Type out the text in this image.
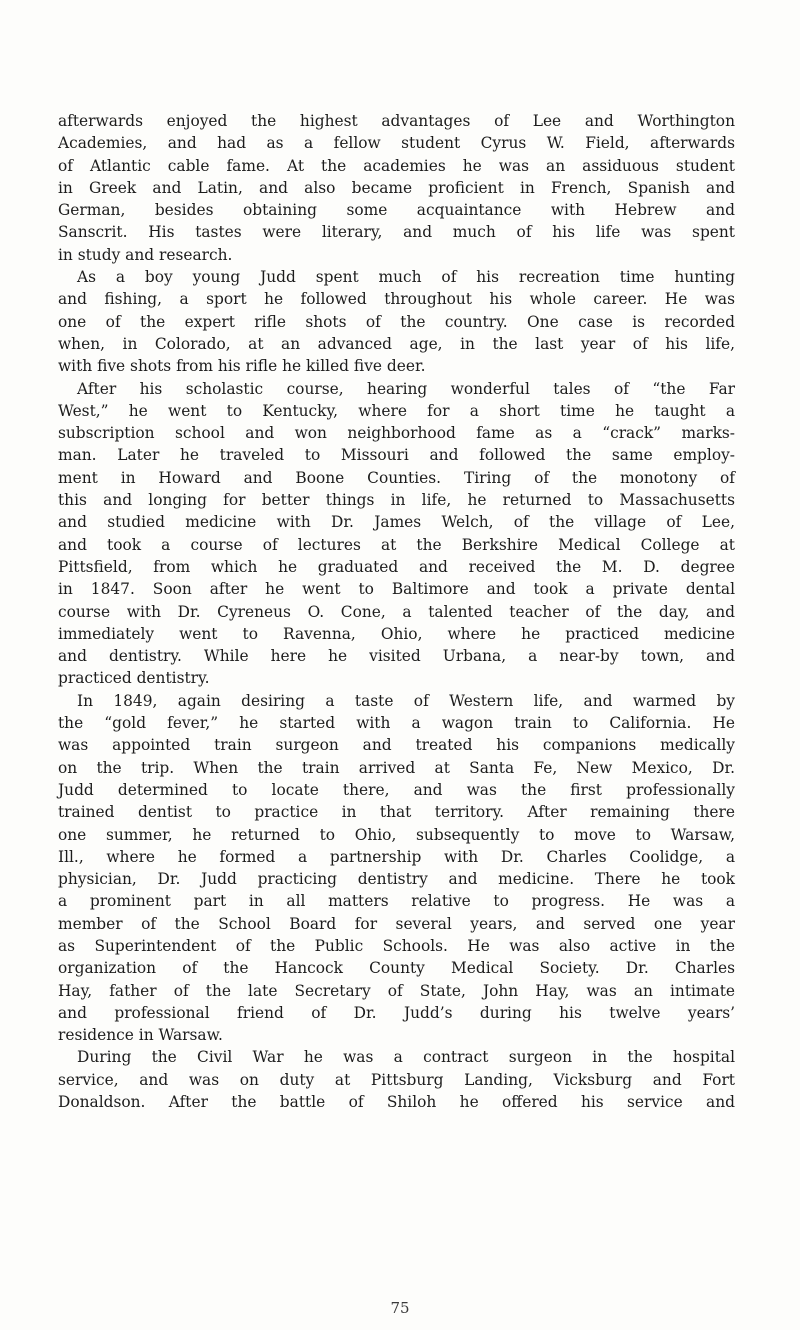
afterwards enjoyed the highest advantages of Lee and Worthington
Academies, and had as a fellow student Cyrus W. Field, afterwards
of Atlantic cable fame. At the academies he was an assiduous student
in Greek and Latin, and also became proficient in French, Spanish and
German, besides obtaining some acquaintance with Hebrew and
Sanscrit. His tastes were literary, and much of his life was spent
in study and research.
As a boy young Judd spent much of his recreation time hunting
and fishing, a sport he followed throughout his whole career. He was
one of the expert rifle shots of the country. One case is recorded
when, in Colorado, at an advanced age, in the last year of his life,
with five shots from his rifle he killed five deer.
After his scholastic course, hearing wonderful tales of “the Far
West,” he went to Kentucky, where for a short time he taught a
subscription school and won neighborhood fame as a “crack” marks-
man. Later he traveled to Missouri and followed the same employ-
ment in Howard and Boone Counties. Tiring of the monotony of
this and longing for better things in life, he returned to Massachusetts
and studied medicine with Dr. James Welch, of the village of Lee,
and took a course of lectures at the Berkshire Medical College at
Pittsfield, from which he graduated and received the M. D. degree
in 1847. Soon after he went to Baltimore and took a private dental
course with Dr. Cyreneus O. Cone, a talented teacher of the day, and
immediately went to Ravenna, Ohio, where he practiced medicine
and dentistry. While here he visited Urbana, a near-by town, and
practiced dentistry.
In 1849, again desiring a taste of Western life, and warmed by
the “gold fever,” he started with a wagon train to California. He
was appointed train surgeon and treated his companions medically
on the trip. When the train arrived at Santa Fe, New Mexico, Dr.
Judd determined to locate there, and was the first professionally
trained dentist to practice in that territory. After remaining there
one summer, he returned to Ohio, subsequently to move to Warsaw,
Ill., where he formed a partnership with Dr. Charles Coolidge, a
physician, Dr. Judd practicing dentistry and medicine. There he took
a prominent part in all matters relative to progress. He was a
member of the School Board for several years, and served one year
as Superintendent of the Public Schools. He was also active in the
organization of the Hancock County Medical Society. Dr. Charles
Hay, father of the late Secretary of State, John Hay, was an intimate
and professional friend of Dr. Judd’s during his twelve years’
residence in Warsaw.
During the Civil War he was a contract surgeon in the hospital
service, and was on duty at Pittsburg Landing, Vicksburg and Fort
Donaldson. After the battle of Shiloh he offered his service and
75
